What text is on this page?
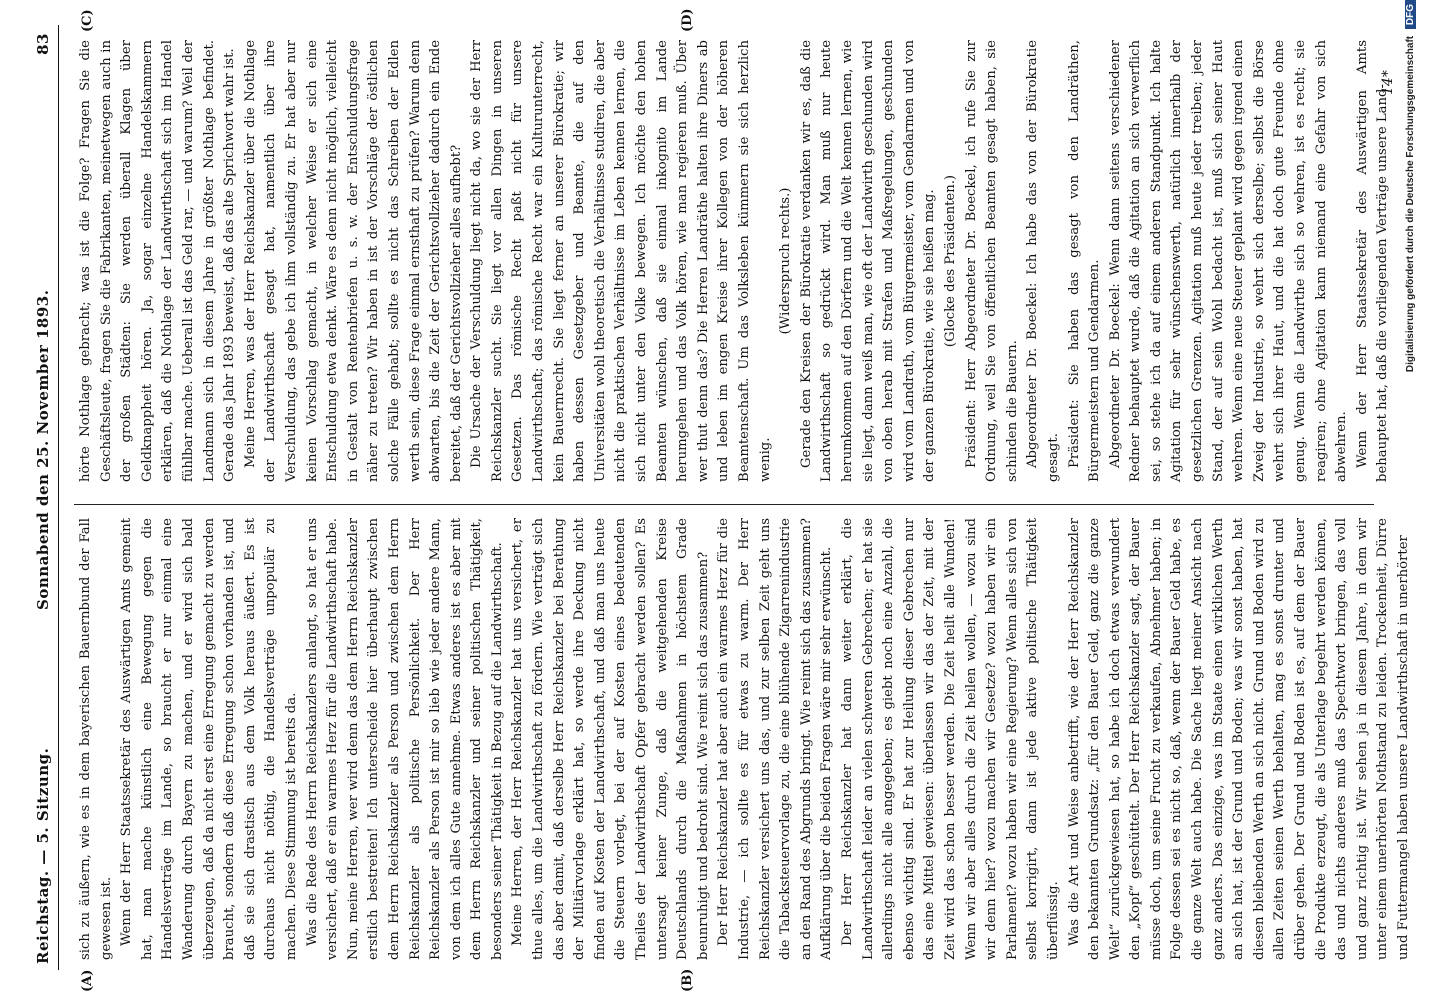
Reichstag. — 5. Sitzung.
Sonnabend den 25. November 1893.
83
(A)	(B)
(C)	(D)

sich zu äußern, wie es in dem bayerischen Bauernbund der Fall gewesen ist. Wenn der Herr Staatssekretär des Auswärtigen Amts gemeint hat, man mache künstlich eine Bewegung gegen die Handelsverträge im Lande, so braucht er nur einmal eine Wanderung durch Bayern zu machen, und er wird sich bald überzeugen, daß da nicht erst eine Erregung gemacht zu werden braucht, sondern daß diese Erregung schon vorhanden ist, und daß sie sich drastisch aus dem Volk heraus äußert. Es ist durchaus nicht nöthig, die Handelsverträge unpopulär zu machen. Diese Stimmung ist bereits da. Was die Rede des Herrn Reichskanzlers anlangt, so hat er uns versichert, daß er ein warmes Herz für die Landwirthschaft habe. Nun, meine Herren, wer wird denn das dem Herrn Reichskanzler erstlich bestreiten! Ich unterscheide hier überhaupt zwischen dem Herrn Reichskanzler als Person und zwischen dem Herrn Reichskanzler als politische Persönlichkeit. Der Herr Reichskanzler als Person ist mir so lieb wie jeder andere Mann, von dem ich alles Gute annehme. Etwas anderes ist es aber mit dem Herrn Reichskanzler und seiner politischen Thätigkeit, besonders seiner Thätigkeit in Bezug auf die Landwirthschaft. Meine Herren, der Herr Reichskanzler hat uns versichert, er thue alles, um die Landwirthschaft zu fördern. Wie verträgt sich das aber damit, daß derselbe Herr Reichskanzler bei Berathung der Militärvorlage erklärt hat, so werde ihre Deckung nicht finden auf Kosten der Landwirthschaft, und daß man uns heute die Steuern vorlegt, bei der auf Kosten eines bedeutenden Theiles der Landwirthschaft Opfer gebracht werden sollen? Es untersagt keiner Zunge, daß die weitgehenden Kreise Deutschlands durch die Maßnahmen in höchstem Grade beunruhigt und bedroht sind. Wie reimt sich das zusammen? Der Herr Reichskanzler hat aber auch ein warmes Herz für die Industrie, — ich sollte es für etwas zu warm. Der Herr Reichskanzler versichert uns das, und zur selben Zeit geht uns die Tabacksteuervorlage zu, die eine blühende Zigarrenindustrie an den Rand des Abgrunds bringt. Wie reimt sich das zusammen? Aufklärung über die beiden Fragen wäre mir sehr erwünscht. Der Herr Reichskanzler hat dann weiter erklärt, die Landwirthschaft leider an vielen schweren Gebrechen; er hat sie allerdings nicht alle angegeben; es giebt noch eine Anzahl, die ebenso wichtig sind. Er hat zur Heilung dieser Gebrechen nur das eine Mittel gewiesen: überlassen wir das der Zeit, mit der Zeit wird das schon besser werden. Die Zeit heilt alle Wunden! Wenn wir aber alles durch die Zeit heilen wollen, — wozu sind wir denn hier? wozu machen wir Gesetze? wozu haben wir ein Parlament? wozu haben wir eine Regierung? Wenn alles sich von selbst korrigirt, dann ist jede aktive politische Thätigkeit überflüssig. Was die Art und Weise anbetrifft, wie der Herr Reichskanzler den bekannten Grundsatz: „für den Bauer Geld, ganz die ganze Welt“ zurückgewiesen hat, so habe ich doch etwas verwundert den „Kopf“ geschüttelt. Der Herr Reichskanzler sagt, der Bauer müsse doch, um seine Frucht zu verkaufen, Abnehmer haben; in Folge dessen sei es nicht so, daß, wenn der Bauer Geld habe, es die ganze Welt auch habe. Die Sache liegt meiner Ansicht nach ganz anders. Das einzige, was im Staate einen wirklichen Werth an sich hat, ist der Grund und Boden; was wir sonst haben, hat diesen bleibenden Werth an sich nicht. Grund und Boden wird zu allen Zeiten seinen Werth behalten, mag es sonst drunter und drüber gehen. Der Grund und Boden ist es, auf dem der Bauer die Produkte erzeugt, die als Unterlage begehrt werden können, das und nichts anderes muß das Spechtwort bringen, das voll und ganz richtig ist. Wir sehen ja in diesem Jahre, in dem wir unter einem unerhörten Nothstand zu leiden. Trockenheit, Dürre und Futtermangel haben unsere Landwirthschaft in unerhörter

hörte Nothlage gebracht; was ist die Folge? Fragen Sie die Geschäftsleute, fragen Sie die Fabrikanten, meinetwegen auch in der großen Städten: Sie werden überall Klagen über Geldknappheit hören. Ja, sogar einzelne Handelskammern erklären, daß die Nothlage der Landwirthschaft sich im Handel fühlbar mache. Ueberall ist das Geld rar, — und warum? Weil der Landmann sich in diesem Jahre in größter Nothlage befindet. Gerade das Jahr 1893 beweist, daß das alte Sprichwort wahr ist. Meine Herren, was der Herr Reichskanzler über die Nothlage der Landwirthschaft gesagt hat, namentlich über ihre Verschuldung, das gebe ich ihm vollständig zu. Er hat aber nur keinen Vorschlag gemacht, in welcher Weise er sich eine Entschuldung etwa denkt. Wäre es denn nicht möglich, vielleicht in Gestalt von Rentenbriefen u. s. w. der Entschuldungsfrage näher zu treten? Wir haben in ist der Vorschläge der östlichen solche Fälle gehabt; sollte es nicht das Schreiben der Edlen werth sein, diese Frage einmal ernsthaft zu prüfen? Warum denn abwarten, bis die Zeit der Gerichtsvollzieher dadurch ein Ende bereitet, daß der Gerichtsvollzieher alles aufhebt? Die Ursache der Verschuldung liegt nicht da, wo sie der Herr Reichskanzler sucht. Sie liegt vor allen Dingen in unseren Gesetzen. Das römische Recht paßt nicht für unsere Landwirthschaft; das römische Recht war ein Kulturunterrecht, kein Bauernrecht. Sie liegt ferner an unserer Bürokratie; wir haben dessen Gesetzgeber und Beamte, die auf den Universitäten wohl theoretisch die Verhältnisse studiren, die aber nicht die praktischen Verhältnisse im Leben kennen lernen, die sich nicht unter den Volke bewegen. Ich möchte den hohen Beamten wünschen, daß sie einmal inkognito im Lande herumgehen und das Volk hören, wie man regieren muß. Über wer thut denn das? Die Herren Landräthe halten ihre Diners ab und leben im engen Kreise ihrer Kollegen von der höheren Beamtenschaft. Um das Volksleben kümmern sie sich herzlich wenig.

(Widerspruch rechts.) Gerade den Kreisen der Bürokratie verdanken wir es, daß die Landwirthschaft so gedrückt wird. Man muß nur heute herumkommen auf den Dörfern und die Welt kennen lernen, wie sie liegt, dann weiß man, wie oft der Landwirth geschunden wird von oben herab mit Strafen und Maßregelungen, geschunden wird vom Landrath, vom Bürgermeister, vom Gendarmen und von der ganzen Bürokratie, wie sie heißen mag. (Glocke des Präsidenten.) Präsident: Herr Abgeordneter Dr. Boeckel, ich rufe Sie zur Ordnung, weil Sie von öffentlichen Beamten gesagt haben, sie schinden die Bauern. Abgeordneter Dr. Boeckel: Ich habe das von der Bürokratie gesagt. Präsident: Sie haben das gesagt von den Landräthen, Bürgermeistern und Gendarmen. Abgeordneter Dr. Boeckel: Wenn dann seitens verschiedener Redner behauptet wurde, daß die Agitation an sich verwerflich sei, so stehe ich da auf einem anderen Standpunkt. Ich halte Agitation für sehr wünschenswerth, natürlich innerhalb der gesetzlichen Grenzen. Agitation muß heute jeder treiben; jeder Stand, der auf sein Wohl bedacht ist, muß sich seiner Haut wehren. Wenn eine neue Steuer geplant wird gegen irgend einen Zweig der Industrie, so wehrt sich derselbe; selbst die Börse wehrt sich ihrer Haut, und die hat doch gute Freunde ohne genug. Wenn die Landwirthe sich so wehren, ist es recht; sie reagiren; ohne Agitation kann niemand eine Gefahr von sich abwehren. Wenn der Herr Staatssekretär des Auswärtigen Amts behauptet hat, daß die vorliegenden Verträge unsere Land-

14* Digitalisierung gefördert durch die Deutsche Forschungsgemeinschaft DFG
